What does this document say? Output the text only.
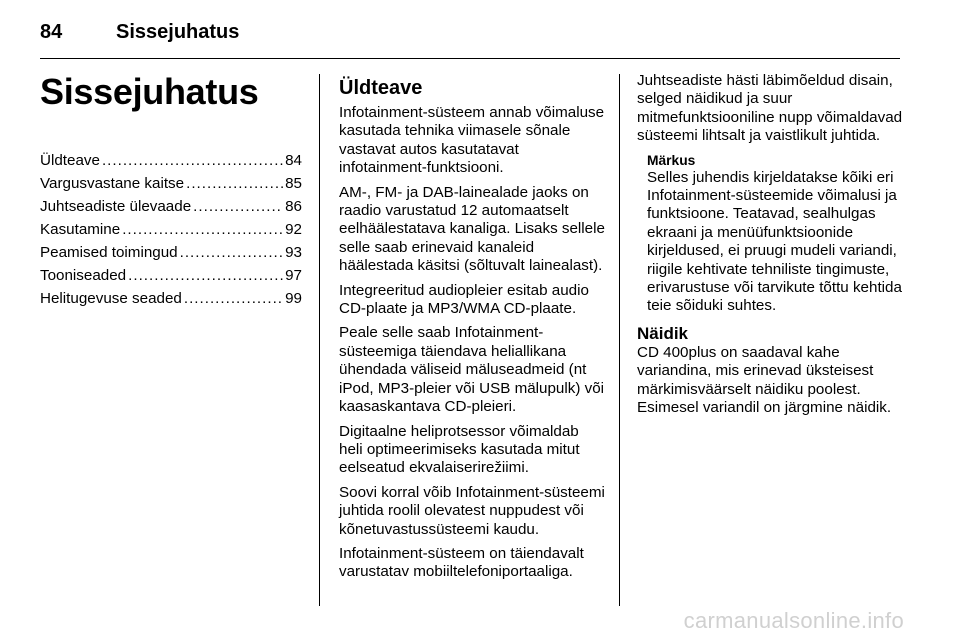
84	Sissejuhatus
Sissejuhatus
Üldteave .....	84
Vargusvastane kaitse .....	85
Juhtseadiste ülevaade .....	86
Kasutamine .....	92
Peamised toimingud .....	93
Tooniseaded .....	97
Helitugevuse seaded .....	99
Üldteave

Infotainment-süsteem annab võimaluse kasutada tehnika viimasele sõnale vastavat autos kasutatavat infotainment-funktsiooni.

AM-, FM- ja DAB-lainealade jaoks on raadio varustatud 12 automaatselt eelhäälestatava kanaliga. Lisaks sellele selle saab erinevaid kanaleid häälestada käsitsi (sõltuvalt lainealast).

Integreeritud audiopleier esitab audio CD-plaate ja MP3/WMA CD-plaate.

Peale selle saab Infotainment-süsteemiga täiendava heliallikana ühendada väliseid mäluseadmeid (nt iPod, MP3-pleier või USB mälupulk) või kaasaskantava CD-pleieri.

Digitaalne heliprotsessor võimaldab heli optimeerimiseks kasutada mitut eelseatud ekvalaiserirežiimi.

Soovi korral võib Infotainment-süsteemi juhtida roolil olevatest nuppudest või kõnetuvastussüsteemi kaudu.

Infotainment-süsteem on täiendavalt varustatav mobiiltelefoniportaaliga.

Juhtseadiste hästi läbimõeldud disain, selged näidikud ja suur mitmefunktsiooniline nupp võimaldavad süsteemi lihtsalt ja vaistlikult juhtida.

Märkus

Selles juhendis kirjeldatakse kõiki eri Infotainment-süsteemide võimalusi ja funktsioone. Teatavad, sealhulgas ekraani ja menüüfunktsioonide kirjeldused, ei pruugi mudeli variandi, riigile kehtivate tehniliste tingimuste, erivarustuse või tarvikute tõttu kehtida teie sõiduki suhtes.

Näidik

CD 400plus on saadaval kahe variandina, mis erinevad üksteisest märkimisväärselt näidiku poolest. Esimesel variandil on järgmine näidik.

carmanualsonline.info
